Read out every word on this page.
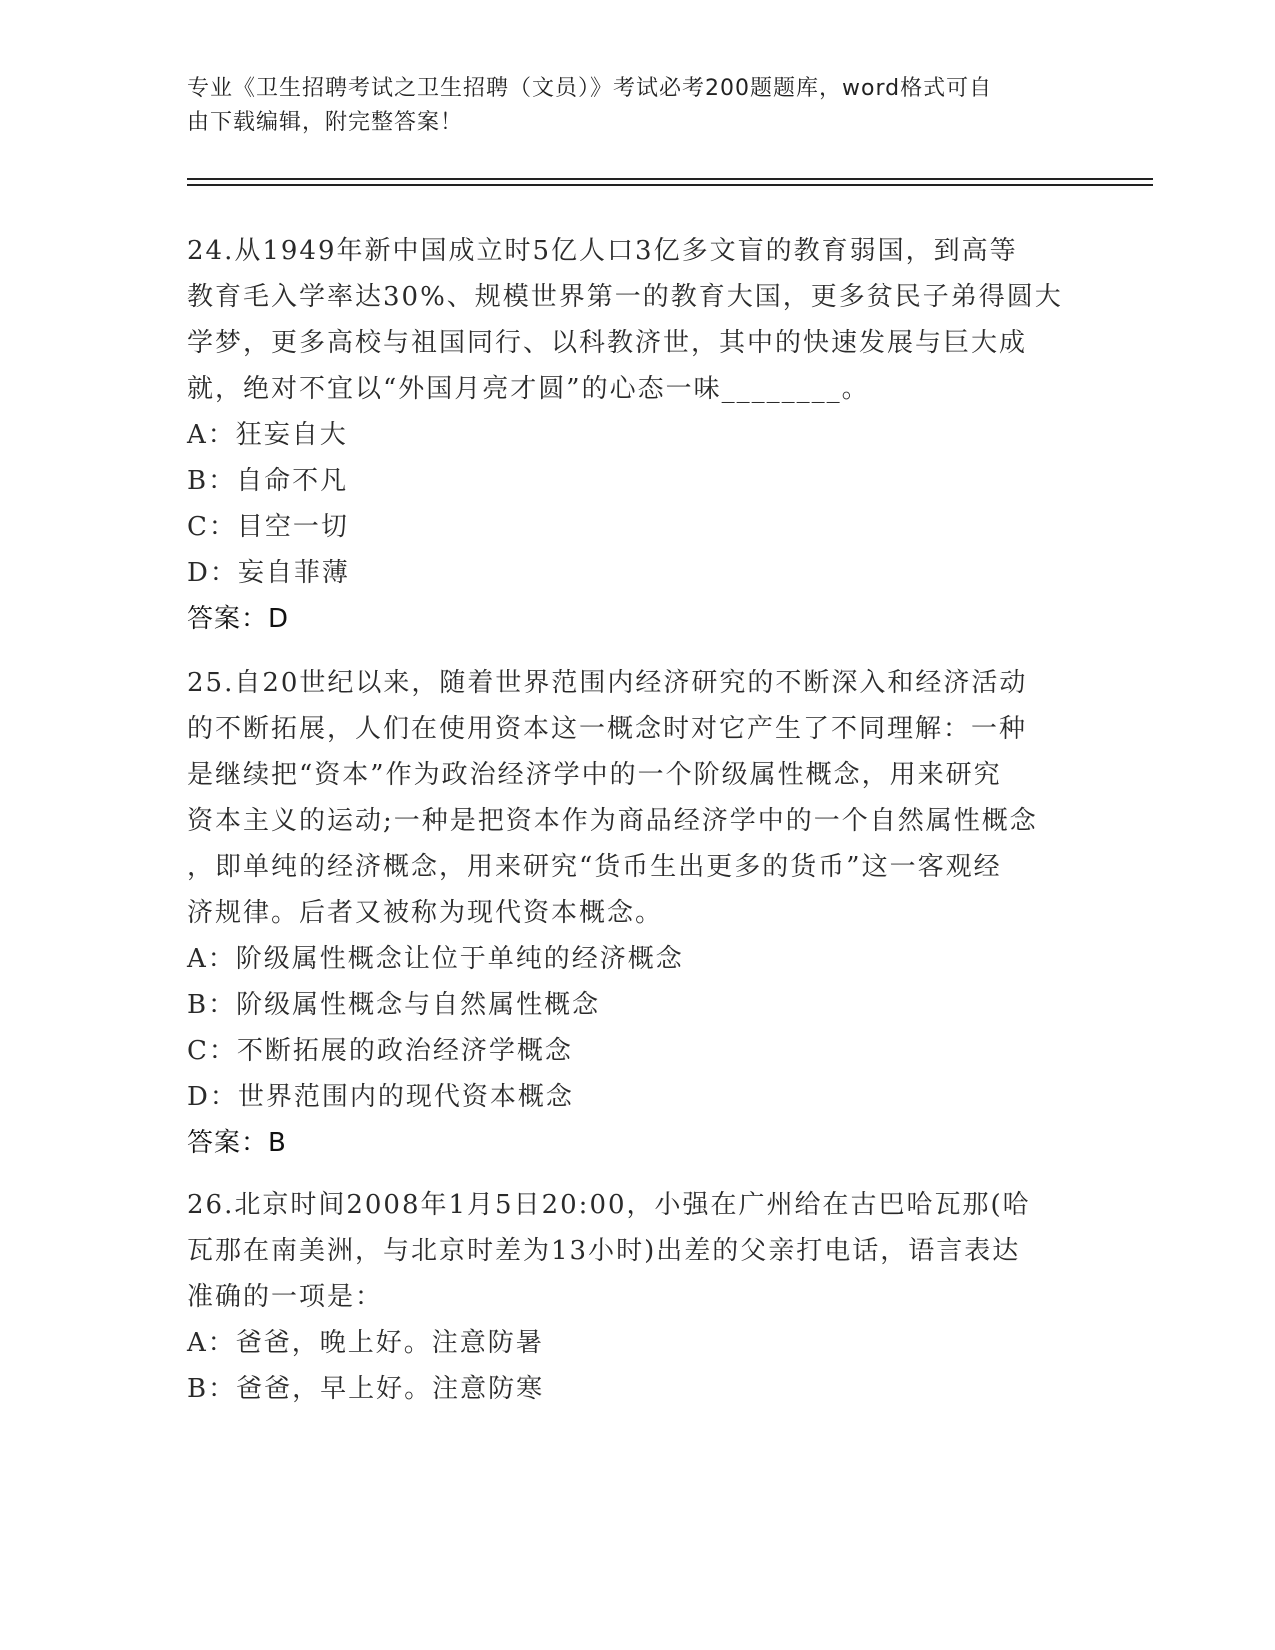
专业《卫生招聘考试之卫生招聘（文员）》考试必考200题题库，word格式可自
由下载编辑，附完整答案！

24.从1949年新中国成立时5亿人口3亿多文盲的教育弱国，到高等

教育毛入学率达30%、规模世界第一的教育大国，更多贫民子弟得圆大

学梦，更多高校与祖国同行、以科教济世，其中的快速发展与巨大成

就，绝对不宜以“外国月亮才圆”的心态一味________。

A：狂妄自大
B：自命不凡
C：目空一切
D：妄自菲薄
答案：D

25.自20世纪以来，随着世界范围内经济研究的不断深入和经济活动

的不断拓展，人们在使用资本这一概念时对它产生了不同理解：一种

是继续把“资本”作为政治经济学中的一个阶级属性概念，用来研究

资本主义的运动;一种是把资本作为商品经济学中的一个自然属性概念

，即单纯的经济概念，用来研究“货币生出更多的货币”这一客观经

济规律。后者又被称为现代资本概念。

A：阶级属性概念让位于单纯的经济概念
B：阶级属性概念与自然属性概念
C：不断拓展的政治经济学概念
D：世界范围内的现代资本概念
答案：B

26.北京时间2008年1月5日20:00，小强在广州给在古巴哈瓦那(哈

瓦那在南美洲，与北京时差为13小时)出差的父亲打电话，语言表达

准确的一项是：

A：爸爸，晚上好。注意防暑
B：爸爸，早上好。注意防寒
